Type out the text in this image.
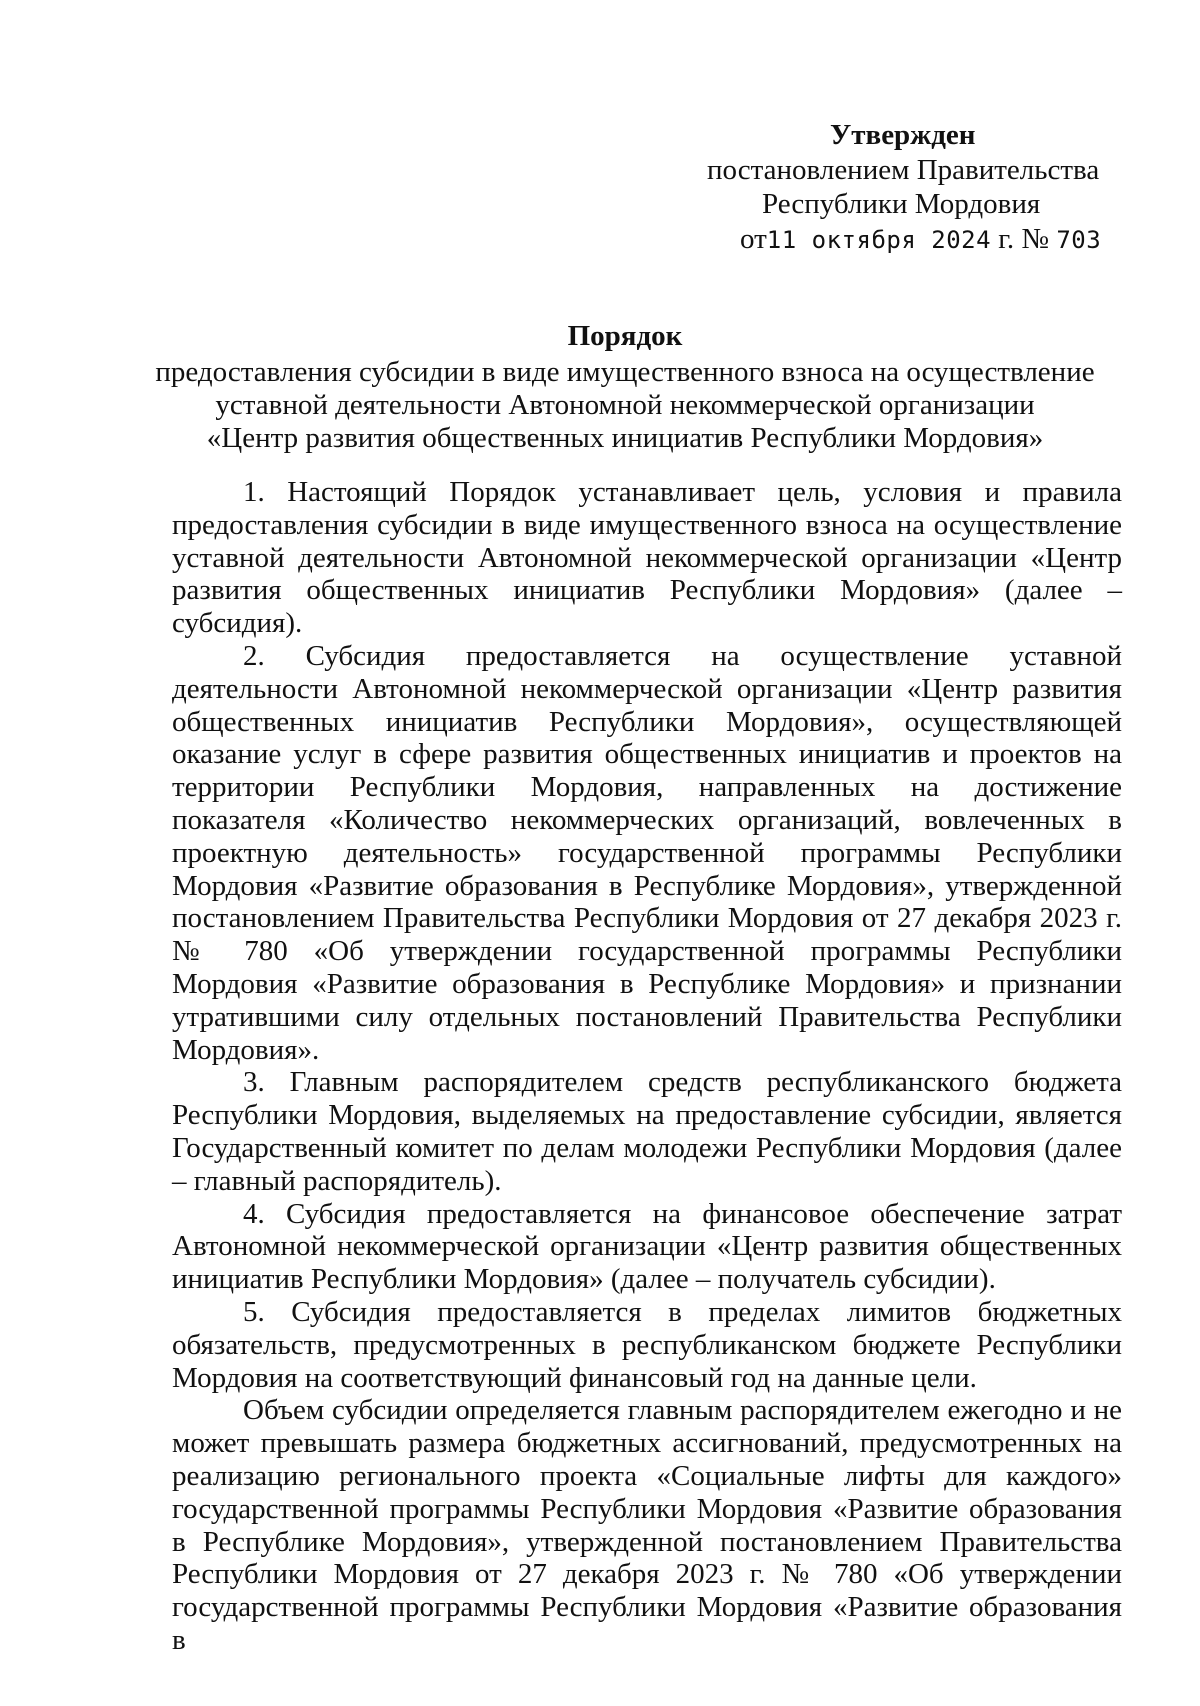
Утвержден
постановлением Правительства
Республики Мордовия
от11 октября 2024 г. № 703
Порядок
предоставления субсидии в виде имущественного взноса на осуществление
уставной деятельности Автономной некоммерческой организации
«Центр развития общественных инициатив Республики Мордовия»

1. Настоящий Порядок устанавливает цель, условия и правила предоставления субсидии в виде имущественного взноса на осуществление уставной деятельности Автономной некоммерческой организации «Центр развития общественных инициатив Республики Мордовия» (далее – субсидия).

2. Субсидия предоставляется на осуществление уставной деятельности Автономной некоммерческой организации «Центр развития общественных инициатив Республики Мордовия», осуществляющей оказание услуг в сфере развития общественных инициатив и проектов на территории Республики Мордовия, направленных на достижение показателя «Количество некоммерческих организаций, вовлеченных в проектную деятельность» государственной программы Республики Мордовия «Развитие образования в Республике Мордовия», утвержденной постановлением Правительства Республики Мордовия от 27 декабря 2023 г. № 780 «Об утверждении государственной программы Республики Мордовия «Развитие образования в Республике Мордовия» и признании утратившими силу отдельных постановлений Правительства Республики Мордовия».

3. Главным распорядителем средств республиканского бюджета Республики Мордовия, выделяемых на предоставление субсидии, является Государственный комитет по делам молодежи Республики Мордовия (далее – главный распорядитель).

4. Субсидия предоставляется на финансовое обеспечение затрат Автономной некоммерческой организации «Центр развития общественных инициатив Республики Мордовия» (далее – получатель субсидии).

5. Субсидия предоставляется в пределах лимитов бюджетных обязательств, предусмотренных в республиканском бюджете Республики Мордовия на соответствующий финансовый год на данные цели.

Объем субсидии определяется главным распорядителем ежегодно и не может превышать размера бюджетных ассигнований, предусмотренных на реализацию регионального проекта «Социальные лифты для каждого» государственной программы Республики Мордовия «Развитие образования в Республике Мордовия», утвержденной постановлением Правительства Республики Мордовия от 27 декабря 2023 г. № 780 «Об утверждении государственной программы Республики Мордовия «Развитие образования в
